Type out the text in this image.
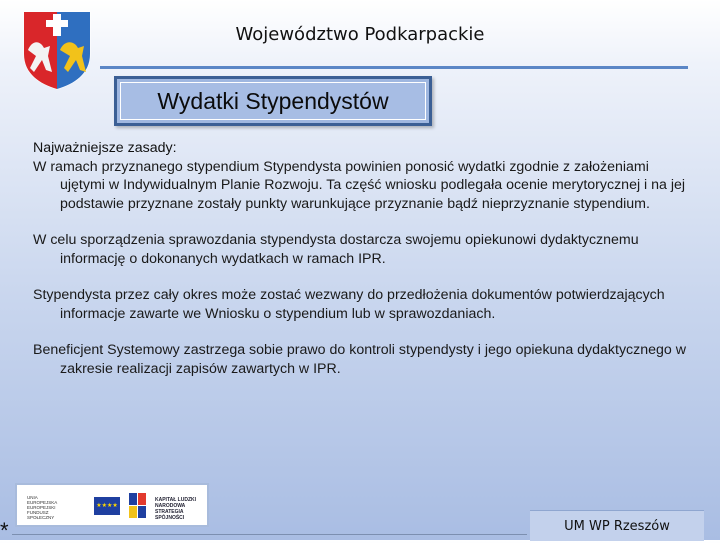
Województwo Podkarpackie
Wydatki Stypendystów
Najważniejsze zasady:

W ramach przyznanego stypendium Stypendysta powinien ponosić wydatki zgodnie z założeniami ujętymi w Indywidualnym Planie Rozwoju. Ta część wniosku podlegała ocenie merytorycznej i na jej podstawie przyznane zostały punkty warunkujące przyznanie bądź nieprzyznanie stypendium.

W celu sporządzenia sprawozdania stypendysta dostarcza swojemu opiekunowi dydaktycznemu informację o dokonanych wydatkach w ramach IPR.

Stypendysta przez cały okres może zostać wezwany do przedłożenia dokumentów potwierdzających informacje zawarte we Wniosku o stypendium lub w sprawozdaniach.

Beneficjent Systemowy zastrzega sobie prawo do kontroli stypendysty i jego opiekuna dydaktycznego w zakresie realizacji zapisów zawartych w IPR.

UNIA EUROPEJSKA EUROPEJSKI FUNDUSZ SPOŁECZNY
★★★★
KAPITAŁ LUDZKI NARODOWA STRATEGIA SPÓJNOŚCI
*	UM WP Rzeszów
